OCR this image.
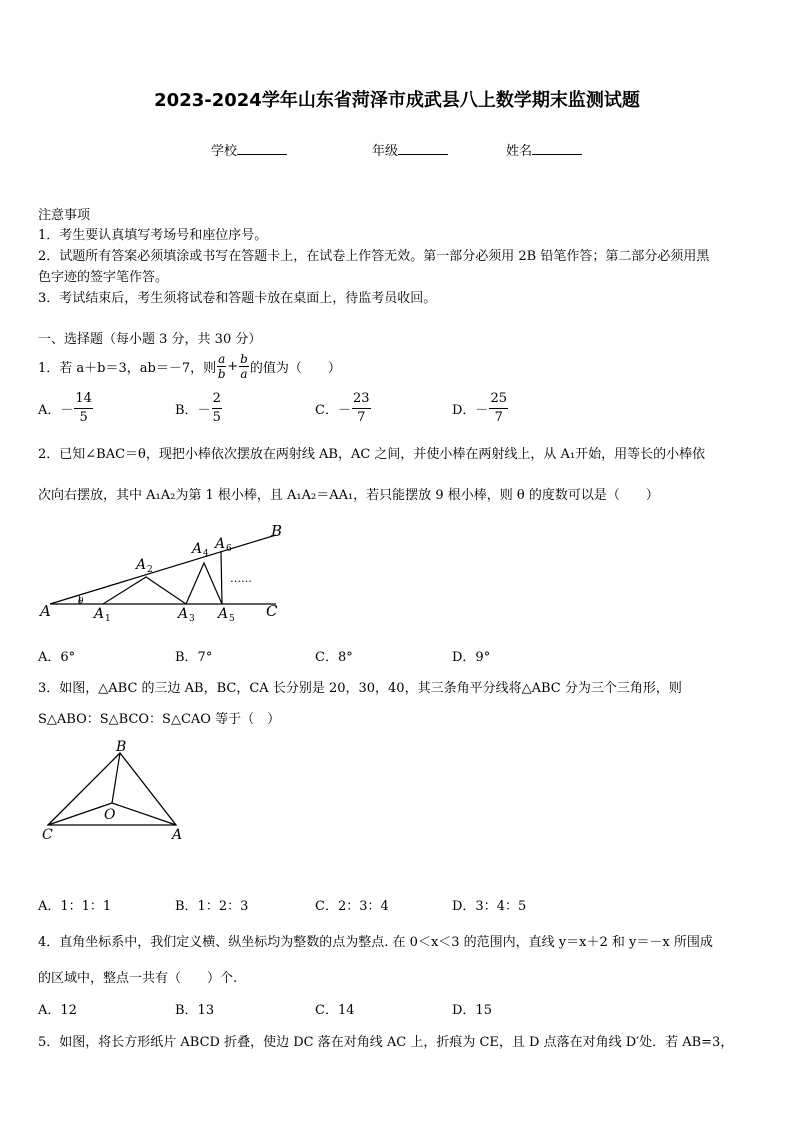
2023-2024学年山东省菏泽市成武县八上数学期末监测试题
学校	年级	姓名
注意事项
1．考生要认真填写考场号和座位序号。
2．试题所有答案必须填涂或书写在答题卡上，在试卷上作答无效。第一部分必须用 2B 铅笔作答；第二部分必须用黑
色字迹的签字笔作答。
3．考试结束后，考生须将试卷和答题卡放在桌面上，待监考员收回。
一、选择题（每小题 3 分，共 30 分）
1．若 a＋b＝3，ab＝－7，则 $\frac{a}{b} + \frac{b}{a}$ 的值为（　　）
A．－ $\frac{14}{5}$	B．－ $\frac{2}{5}$	C．－ $\frac{23}{7}$	D．－ $\frac{25}{7}$
2．已知∠BAC＝θ，现把小棒依次摆放在两射线 AB，AC 之间，并使小棒在两射线上，从 A₁开始，用等长的小棒依
次向右摆放，其中 A₁A₂为第 1 根小棒，且 A₁A₂＝AA₁，若只能摆放 9 根小棒，则 θ 的度数可以是（　　）
θ
A
B
C
A 1
A 2
A 3
A 4
A 5
A 6
……
A．6°	B．7°	C．8°	D．9°
3．如图，△ABC 的三边 AB，BC，CA 长分别是 20，30，40，其三条角平分线将△ABC 分为三个三角形，则
S△ABO：S△BCO：S△CAO 等于（　）
B
C	A
O
A．1：1：1	B．1：2：3	C．2：3：4	D．3：4：5
4．直角坐标系中，我们定义横、纵坐标均为整数的点为整点. 在 0＜x＜3 的范围内，直线 y＝x＋2 和 y＝－x 所围成
的区域中，整点一共有（　　）个.
A．12	B．13	C．14	D．15
5．如图，将长方形纸片 ABCD 折叠，使边 DC 落在对角线 AC 上，折痕为 CE，且 D 点落在对角线 D′处．若 AB=3，
